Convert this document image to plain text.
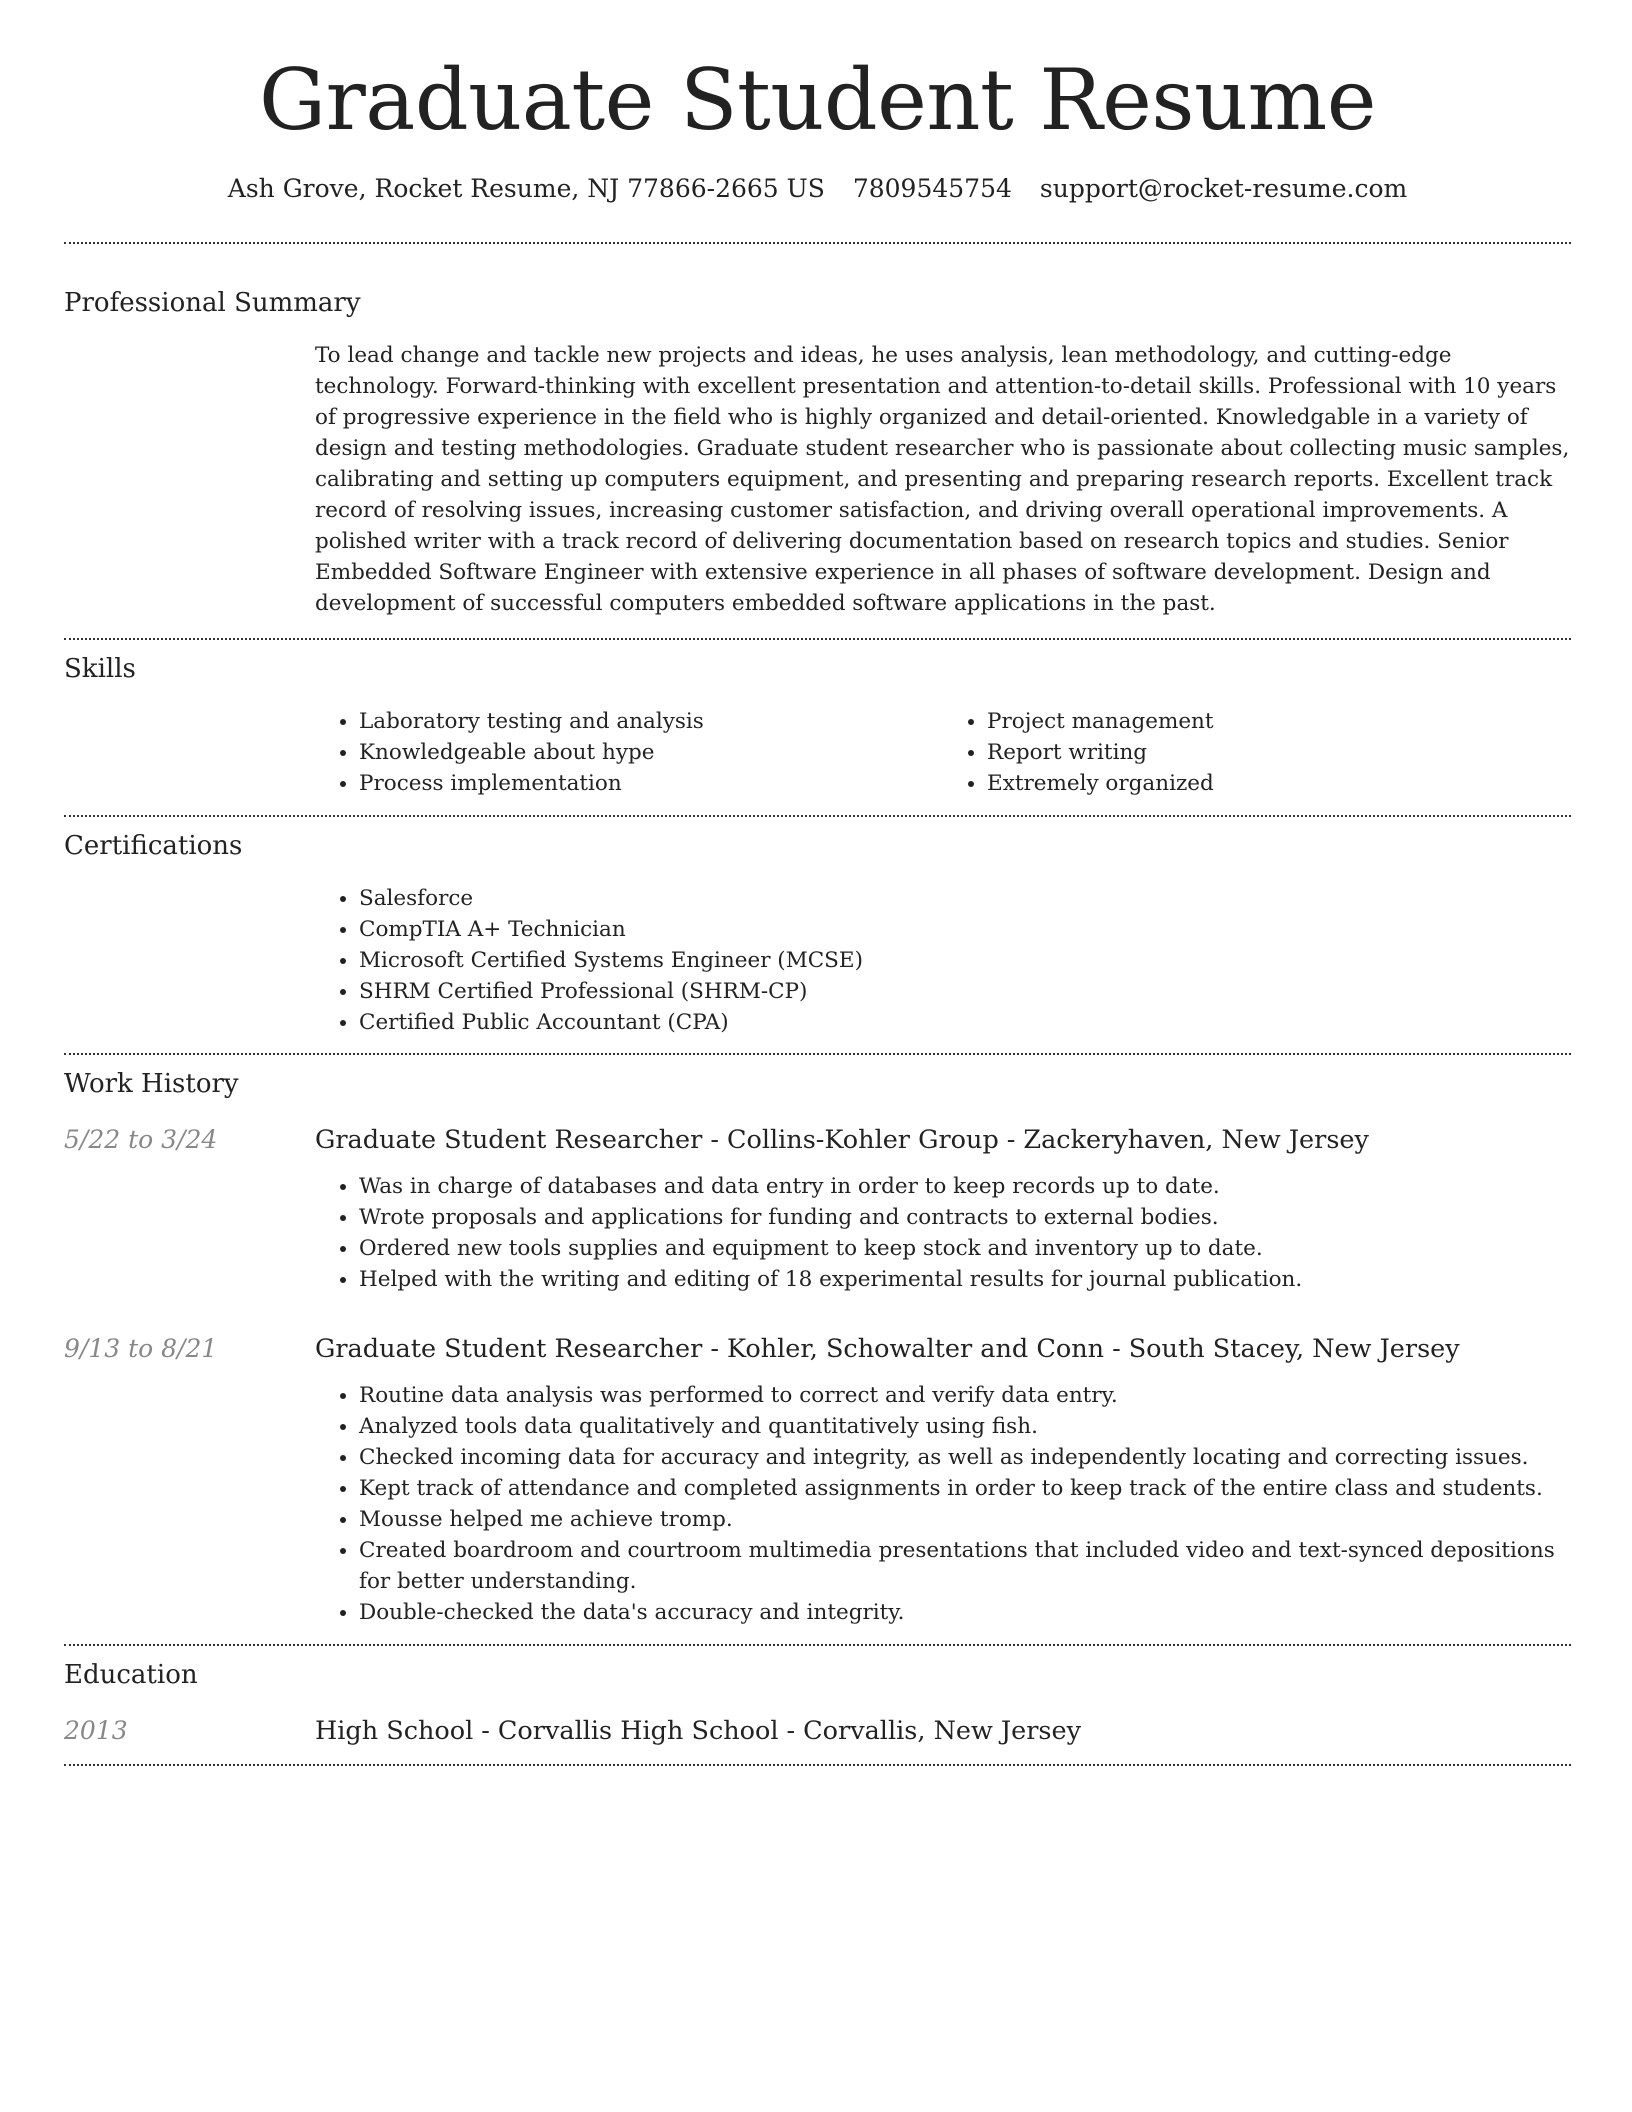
Graduate Student Resume
Ash Grove, Rocket Resume, NJ 77866-2665 US 7809545754 support@rocket-resume.com
Professional Summary

To lead change and tackle new projects and ideas, he uses analysis, lean methodology, and cutting-edge technology. Forward-thinking with excellent presentation and attention-to-detail skills. Professional with 10 years of progressive experience in the field who is highly organized and detail-oriented. Knowledgable in a variety of design and testing methodologies. Graduate student researcher who is passionate about collecting music samples, calibrating and setting up computers equipment, and presenting and preparing research reports. Excellent track record of resolving issues, increasing customer satisfaction, and driving overall operational improvements. A polished writer with a track record of delivering documentation based on research topics and studies. Senior Embedded Software Engineer with extensive experience in all phases of software development. Design and development of successful computers embedded software applications in the past.

Skills
• Laboratory testing and analysis
• Knowledgeable about hype
• Process implementation
• Project management
• Report writing
• Extremely organized
Certifications
• Salesforce
• CompTIA A+ Technician
• Microsoft Certified Systems Engineer (MCSE)
• SHRM Certified Professional (SHRM-CP)
• Certified Public Accountant (CPA)
Work History
5/22 to 3/24	Graduate Student Researcher - Collins-Kohler Group - Zackeryhaven, New Jersey
• Was in charge of databases and data entry in order to keep records up to date.
• Wrote proposals and applications for funding and contracts to external bodies.
• Ordered new tools supplies and equipment to keep stock and inventory up to date.
• Helped with the writing and editing of 18 experimental results for journal publication.
9/13 to 8/21	Graduate Student Researcher - Kohler, Schowalter and Conn - South Stacey, New Jersey
• Routine data analysis was performed to correct and verify data entry.
• Analyzed tools data qualitatively and quantitatively using fish.
• Checked incoming data for accuracy and integrity, as well as independently locating and correcting issues.
• Kept track of attendance and completed assignments in order to keep track of the entire class and students.
• Mousse helped me achieve tromp.
• Created boardroom and courtroom multimedia presentations that included video and text-synced depositions for better understanding.
• Double-checked the data's accuracy and integrity.
Education
2013	High School - Corvallis High School - Corvallis, New Jersey
